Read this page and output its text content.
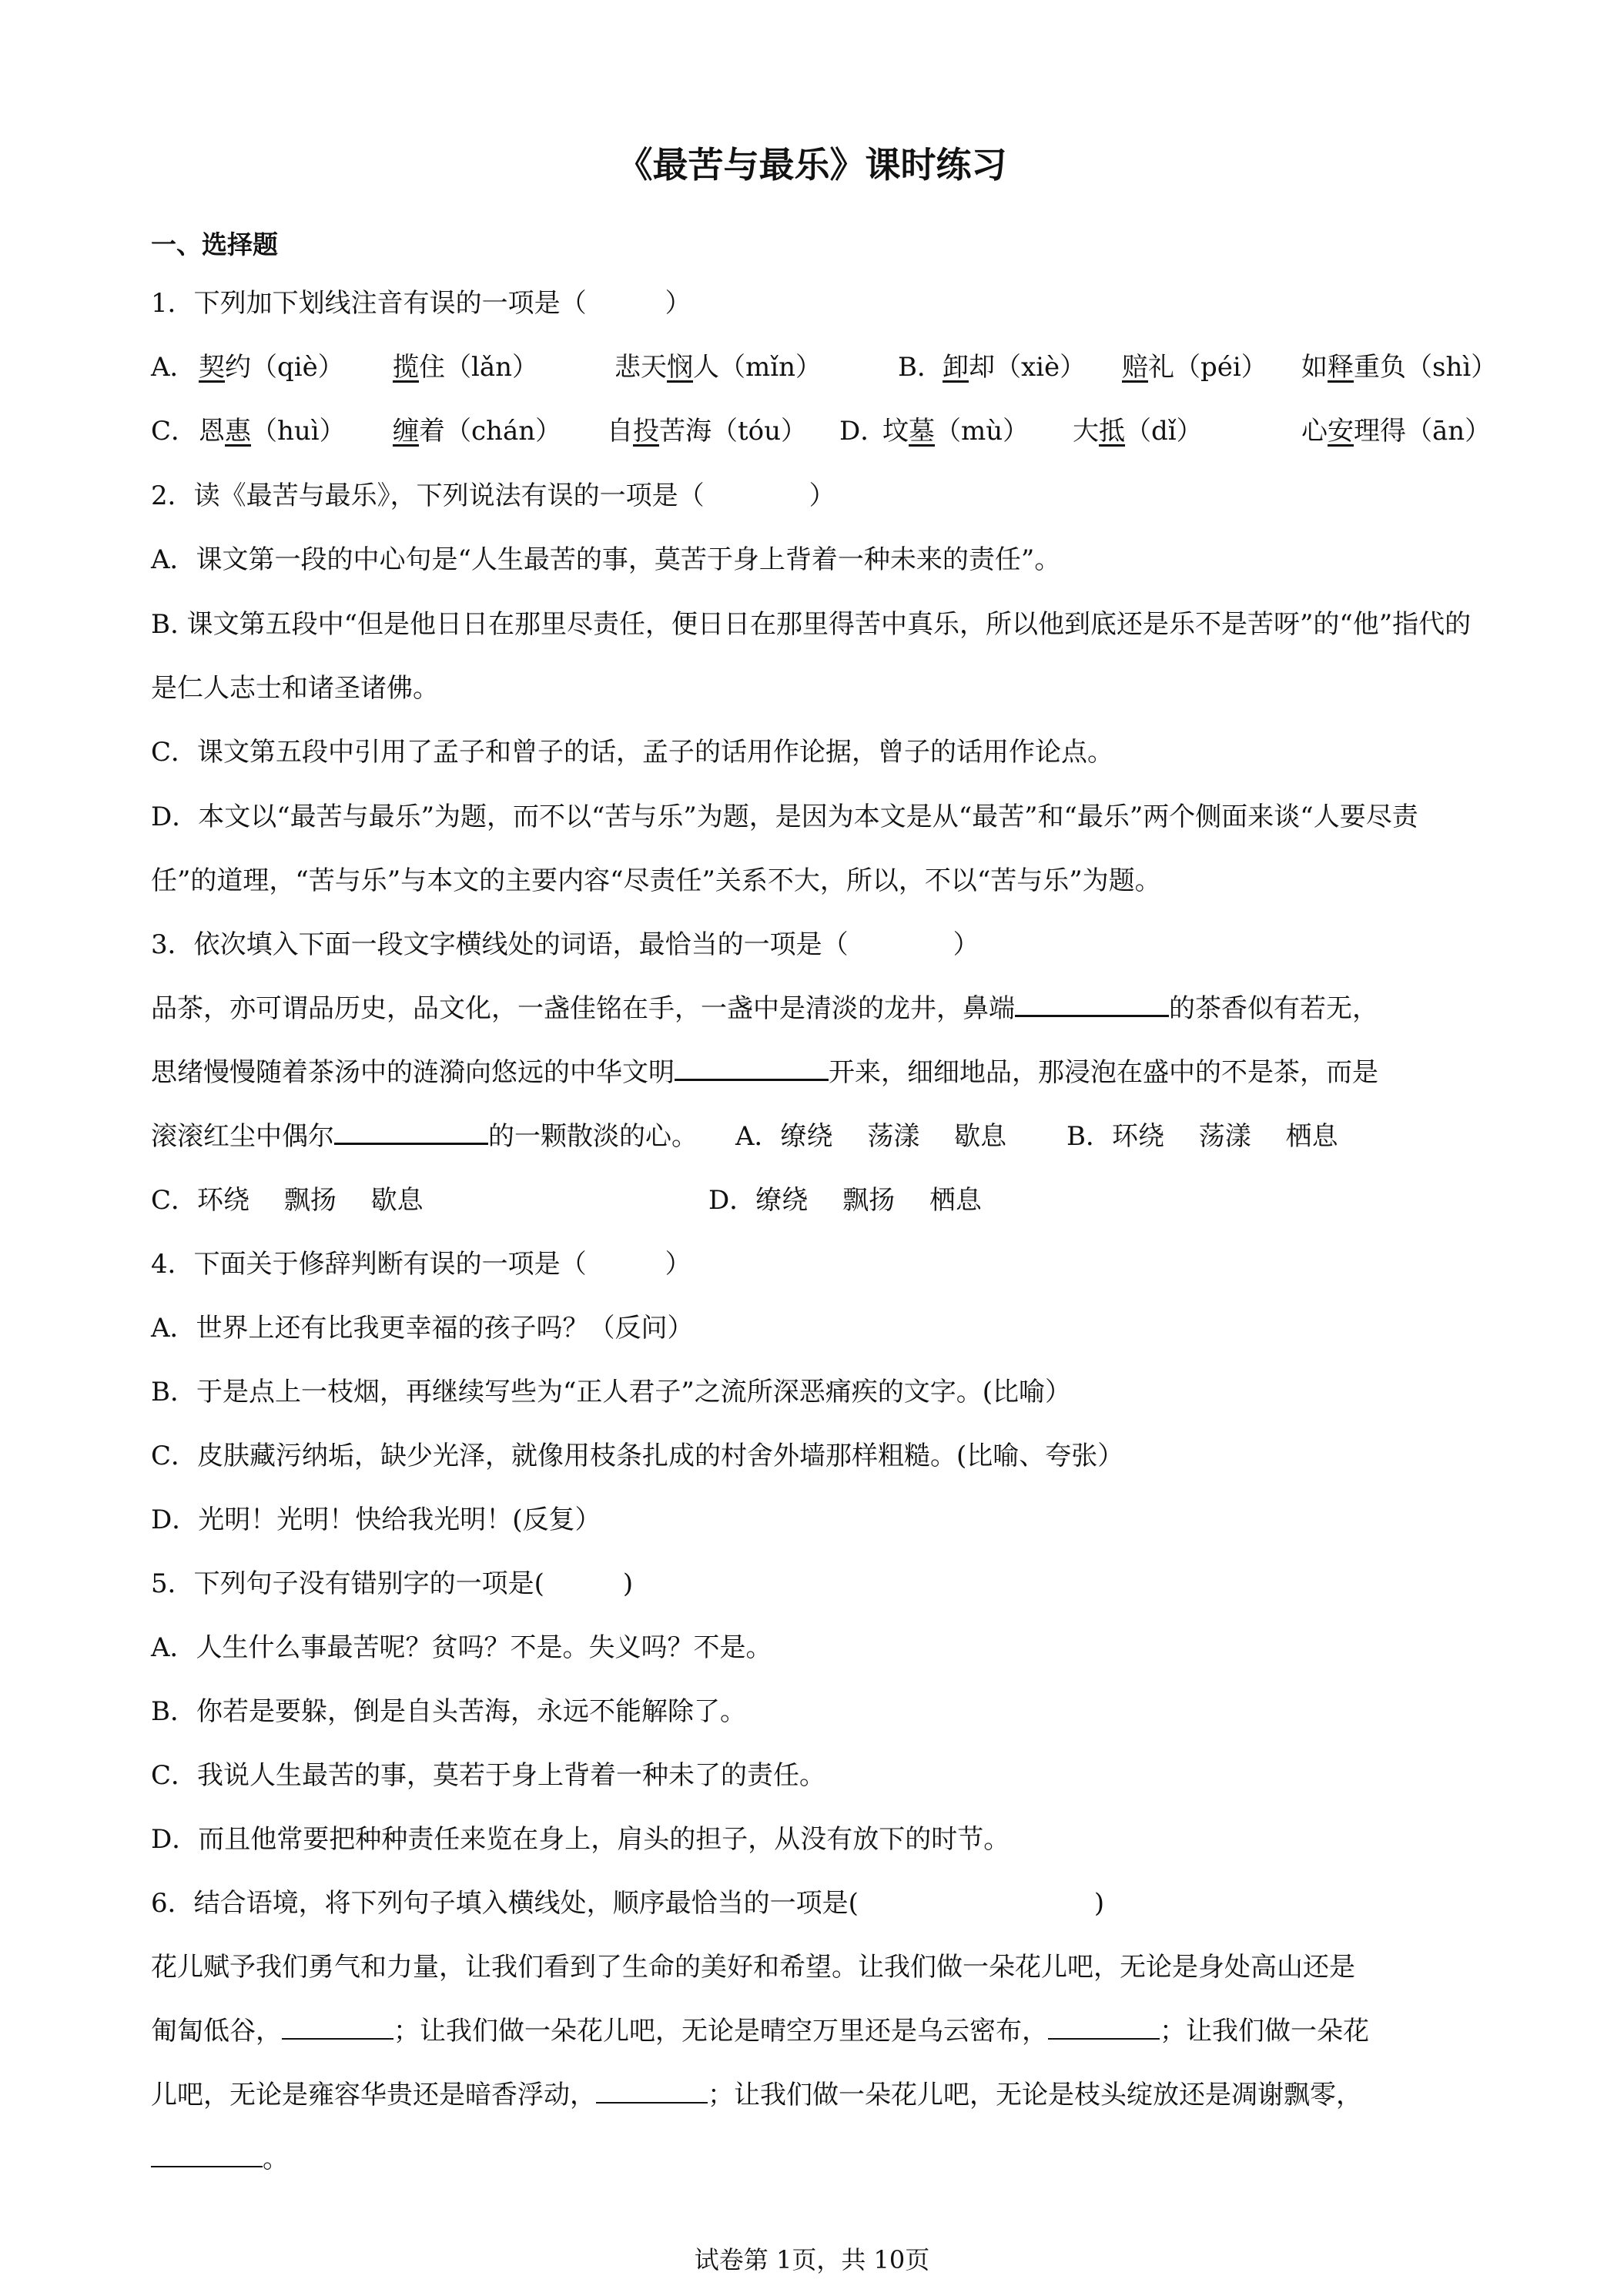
《最苦与最乐》课时练习
一、选择题
1．下列加下划线注音有误的一项是（　　　）
A． 契约（qiè） 揽住（lǎn）	悲天悯人（mǐn）	B． 卸却（xiè） 赔礼（péi） 如释重负（shì）
C． 恩惠（huì） 缠着（chán） 自投苦海（tóu） D．
坟墓（mù） 大抵（dǐ）	心安理得（ān）
2．读《最苦与最乐》，下列说法有误的一项是（　　　　）
A．课文第一段的中心句是“人生最苦的事，莫苦于身上背着一种未来的责任”。
B. 课文第五段中“但是他日日在那里尽责任，便日日在那里得苦中真乐，所以他到底还是乐不是苦呀”的“他”指代的是仁人志士和诸圣诸佛。
C．课文第五段中引用了孟子和曾子的话，孟子的话用作论据，曾子的话用作论点。
D．本文以“最苦与最乐”为题，而不以“苦与乐”为题，是因为本文是从“最苦”和“最乐”两个侧面来谈“人要尽责任”的道理，“苦与乐”与本文的主要内容“尽责任”关系不大，所以，不以“苦与乐”为题。
3．依次填入下面一段文字横线处的词语，最恰当的一项是（　　　　）
品茶，亦可谓品历史，品文化，一盏佳铭在手，一盏中是清淡的龙井，鼻端	的茶香似有若无，
思绪慢慢随着茶汤中的涟漪向悠远的中华文明	开来，细细地品，那浸泡在盛中的不是茶，而是
滚滚红尘中偶尔	的一颗散淡的心。 A．缭绕　 荡漾　 歇息 B．环绕　 荡漾　 栖息
C．环绕　 飘扬　 歇息	D．缭绕　 飘扬　 栖息
4．下面关于修辞判断有误的一项是（　　　）
A．世界上还有比我更幸福的孩子吗？（反问）
B．于是点上一枝烟，再继续写些为“正人君子”之流所深恶痛疾的文字。(比喻）
C．皮肤藏污纳垢，缺少光泽，就像用枝条扎成的村舍外墙那样粗糙。(比喻、夸张）
D．光明！光明！快给我光明！(反复）
5．下列句子没有错别字的一项是(　　　)
A．人生什么事最苦呢？贫吗？不是。失义吗？不是。
B．你若是要躲，倒是自头苦海，永远不能解除了。
C．我说人生最苦的事，莫若于身上背着一种未了的责任。
D．而且他常要把种种责任来览在身上，肩头的担子，从没有放下的时节。
6．结合语境，将下列句子填入横线处，顺序最恰当的一项是(　　　　　　　　　)
花儿赋予我们勇气和力量，让我们看到了生命的美好和希望。让我们做一朵花儿吧，无论是身处高山还是
匍匐低谷，	；让我们做一朵花儿吧，无论是晴空万里还是乌云密布，	；让我们做一朵花
儿吧，无论是雍容华贵还是暗香浮动，	；让我们做一朵花儿吧，无论是枝头绽放还是凋谢飘零，
。
试卷第 1页，共 10页
